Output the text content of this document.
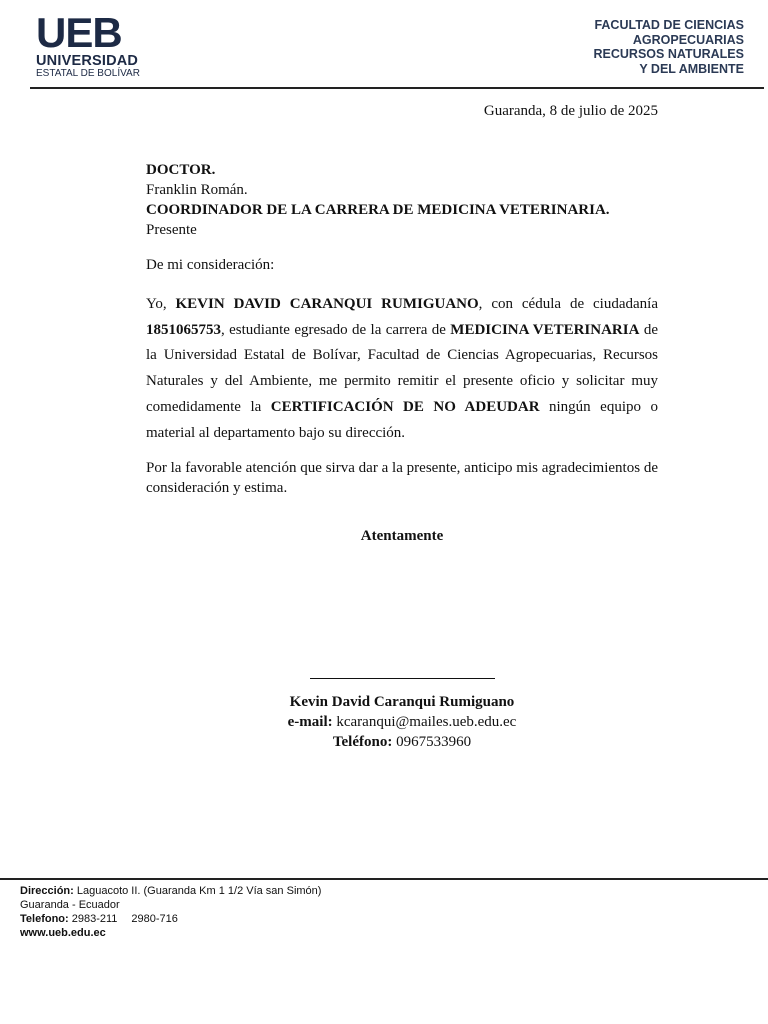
UEB
UNIVERSIDAD
ESTATAL DE BOLÍVAR
FACULTAD DE CIENCIAS
AGROPECUARIAS
RECURSOS NATURALES
Y DEL AMBIENTE
Guaranda, 8 de julio de 2025
DOCTOR.
Franklin Román.
COORDINADOR DE LA CARRERA DE MEDICINA VETERINARIA.
Presente
De mi consideración:
Yo, KEVIN DAVID CARANQUI RUMIGUANO, con cédula de ciudadanía 1851065753, estudiante egresado de la carrera de MEDICINA VETERINARIA de la Universidad Estatal de Bolívar, Facultad de Ciencias Agropecuarias, Recursos Naturales y del Ambiente, me permito remitir el presente oficio y solicitar muy comedidamente la CERTIFICACIÓN DE NO ADEUDAR ningún equipo o material al departamento bajo su dirección.
Por la favorable atención que sirva dar a la presente, anticipo mis agradecimientos de consideración y estima.
Atentamente
Kevin David Caranqui Rumiguano
e-mail: kcaranqui@mailes.ueb.edu.ec
Teléfono: 0967533960
Dirección: Laguacoto II. (Guaranda Km 1 1/2 Vía san Simón)
Guaranda - Ecuador
Telefono: 2983-211 2980-716
www.ueb.edu.ec
